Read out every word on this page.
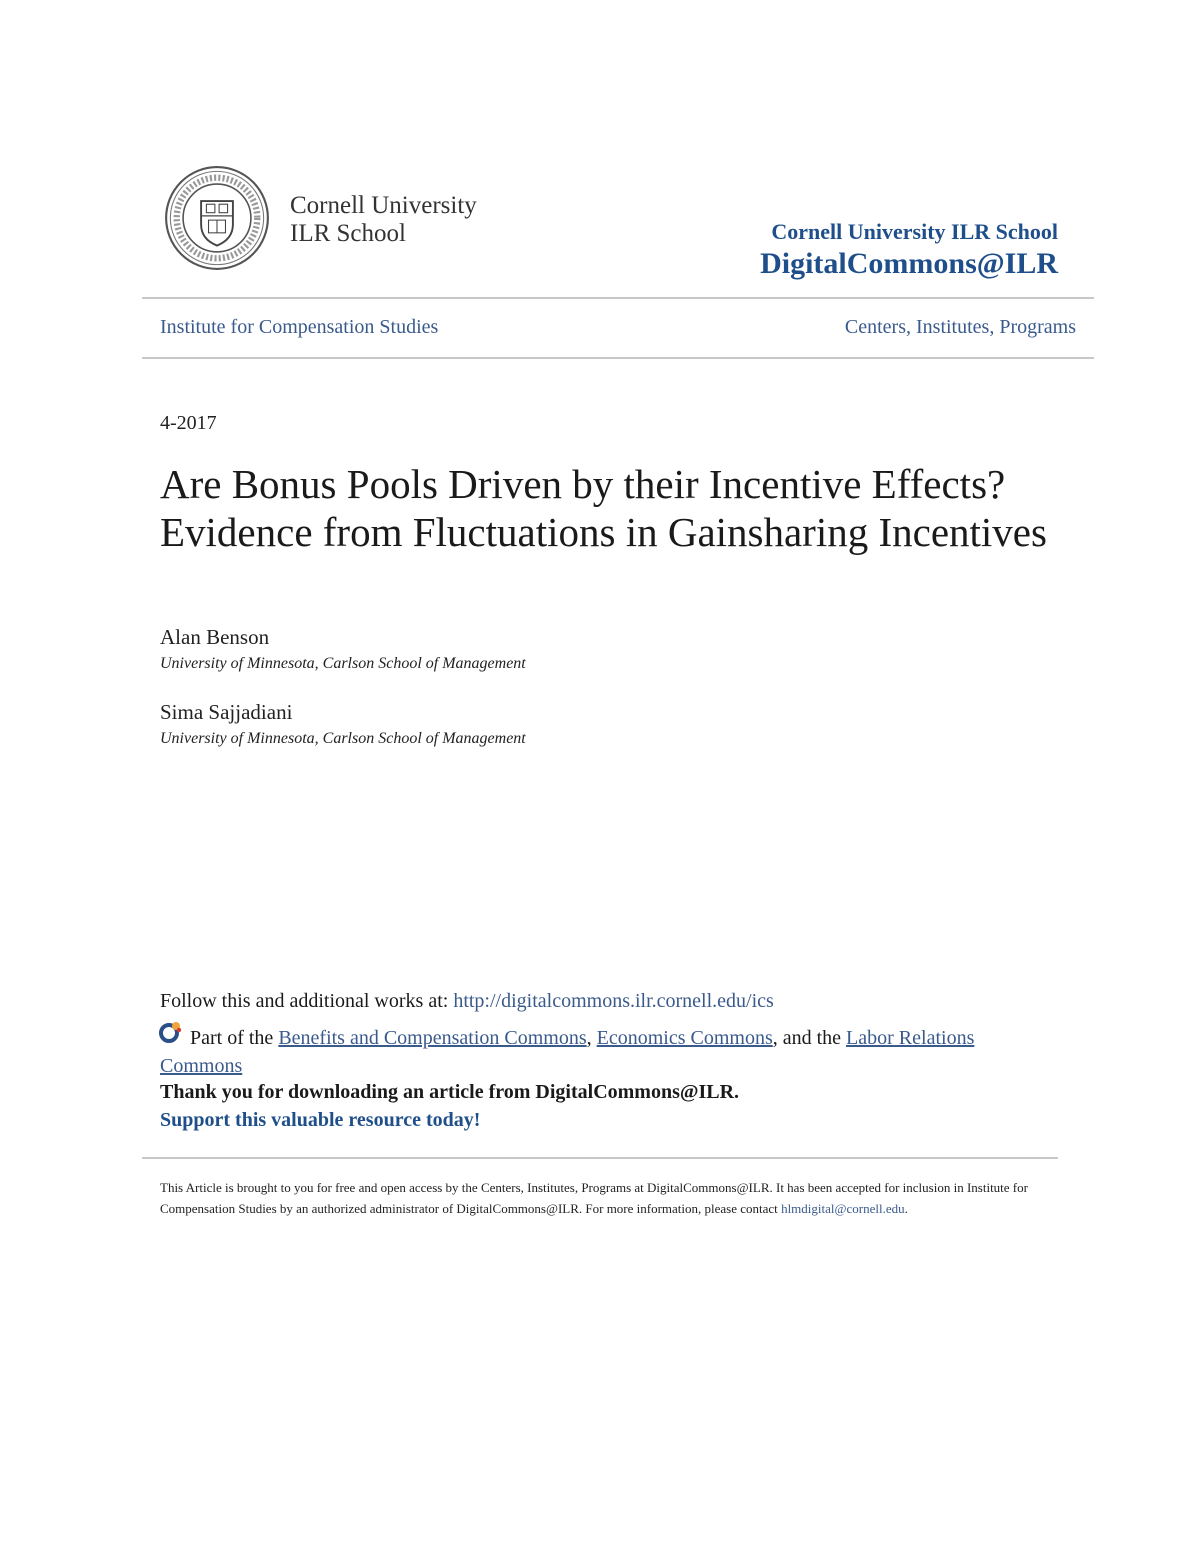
Cornell University
ILR School	Cornell University ILR School
DigitalCommons@ILR
Institute for Compensation Studies	Centers, Institutes, Programs
4-2017
Are Bonus Pools Driven by their Incentive Effects? Evidence from Fluctuations in Gainsharing Incentives
Alan Benson
University of Minnesota, Carlson School of Management
Sima Sajjadiani
University of Minnesota, Carlson School of Management
Follow this and additional works at: http://digitalcommons.ilr.cornell.edu/ics
Part of the Benefits and Compensation Commons, Economics Commons, and the Labor Relations Commons
Thank you for downloading an article from DigitalCommons@ILR.
Support this valuable resource today!
This Article is brought to you for free and open access by the Centers, Institutes, Programs at DigitalCommons@ILR. It has been accepted for inclusion in Institute for Compensation Studies by an authorized administrator of DigitalCommons@ILR. For more information, please contact hlmdigital@cornell.edu.
